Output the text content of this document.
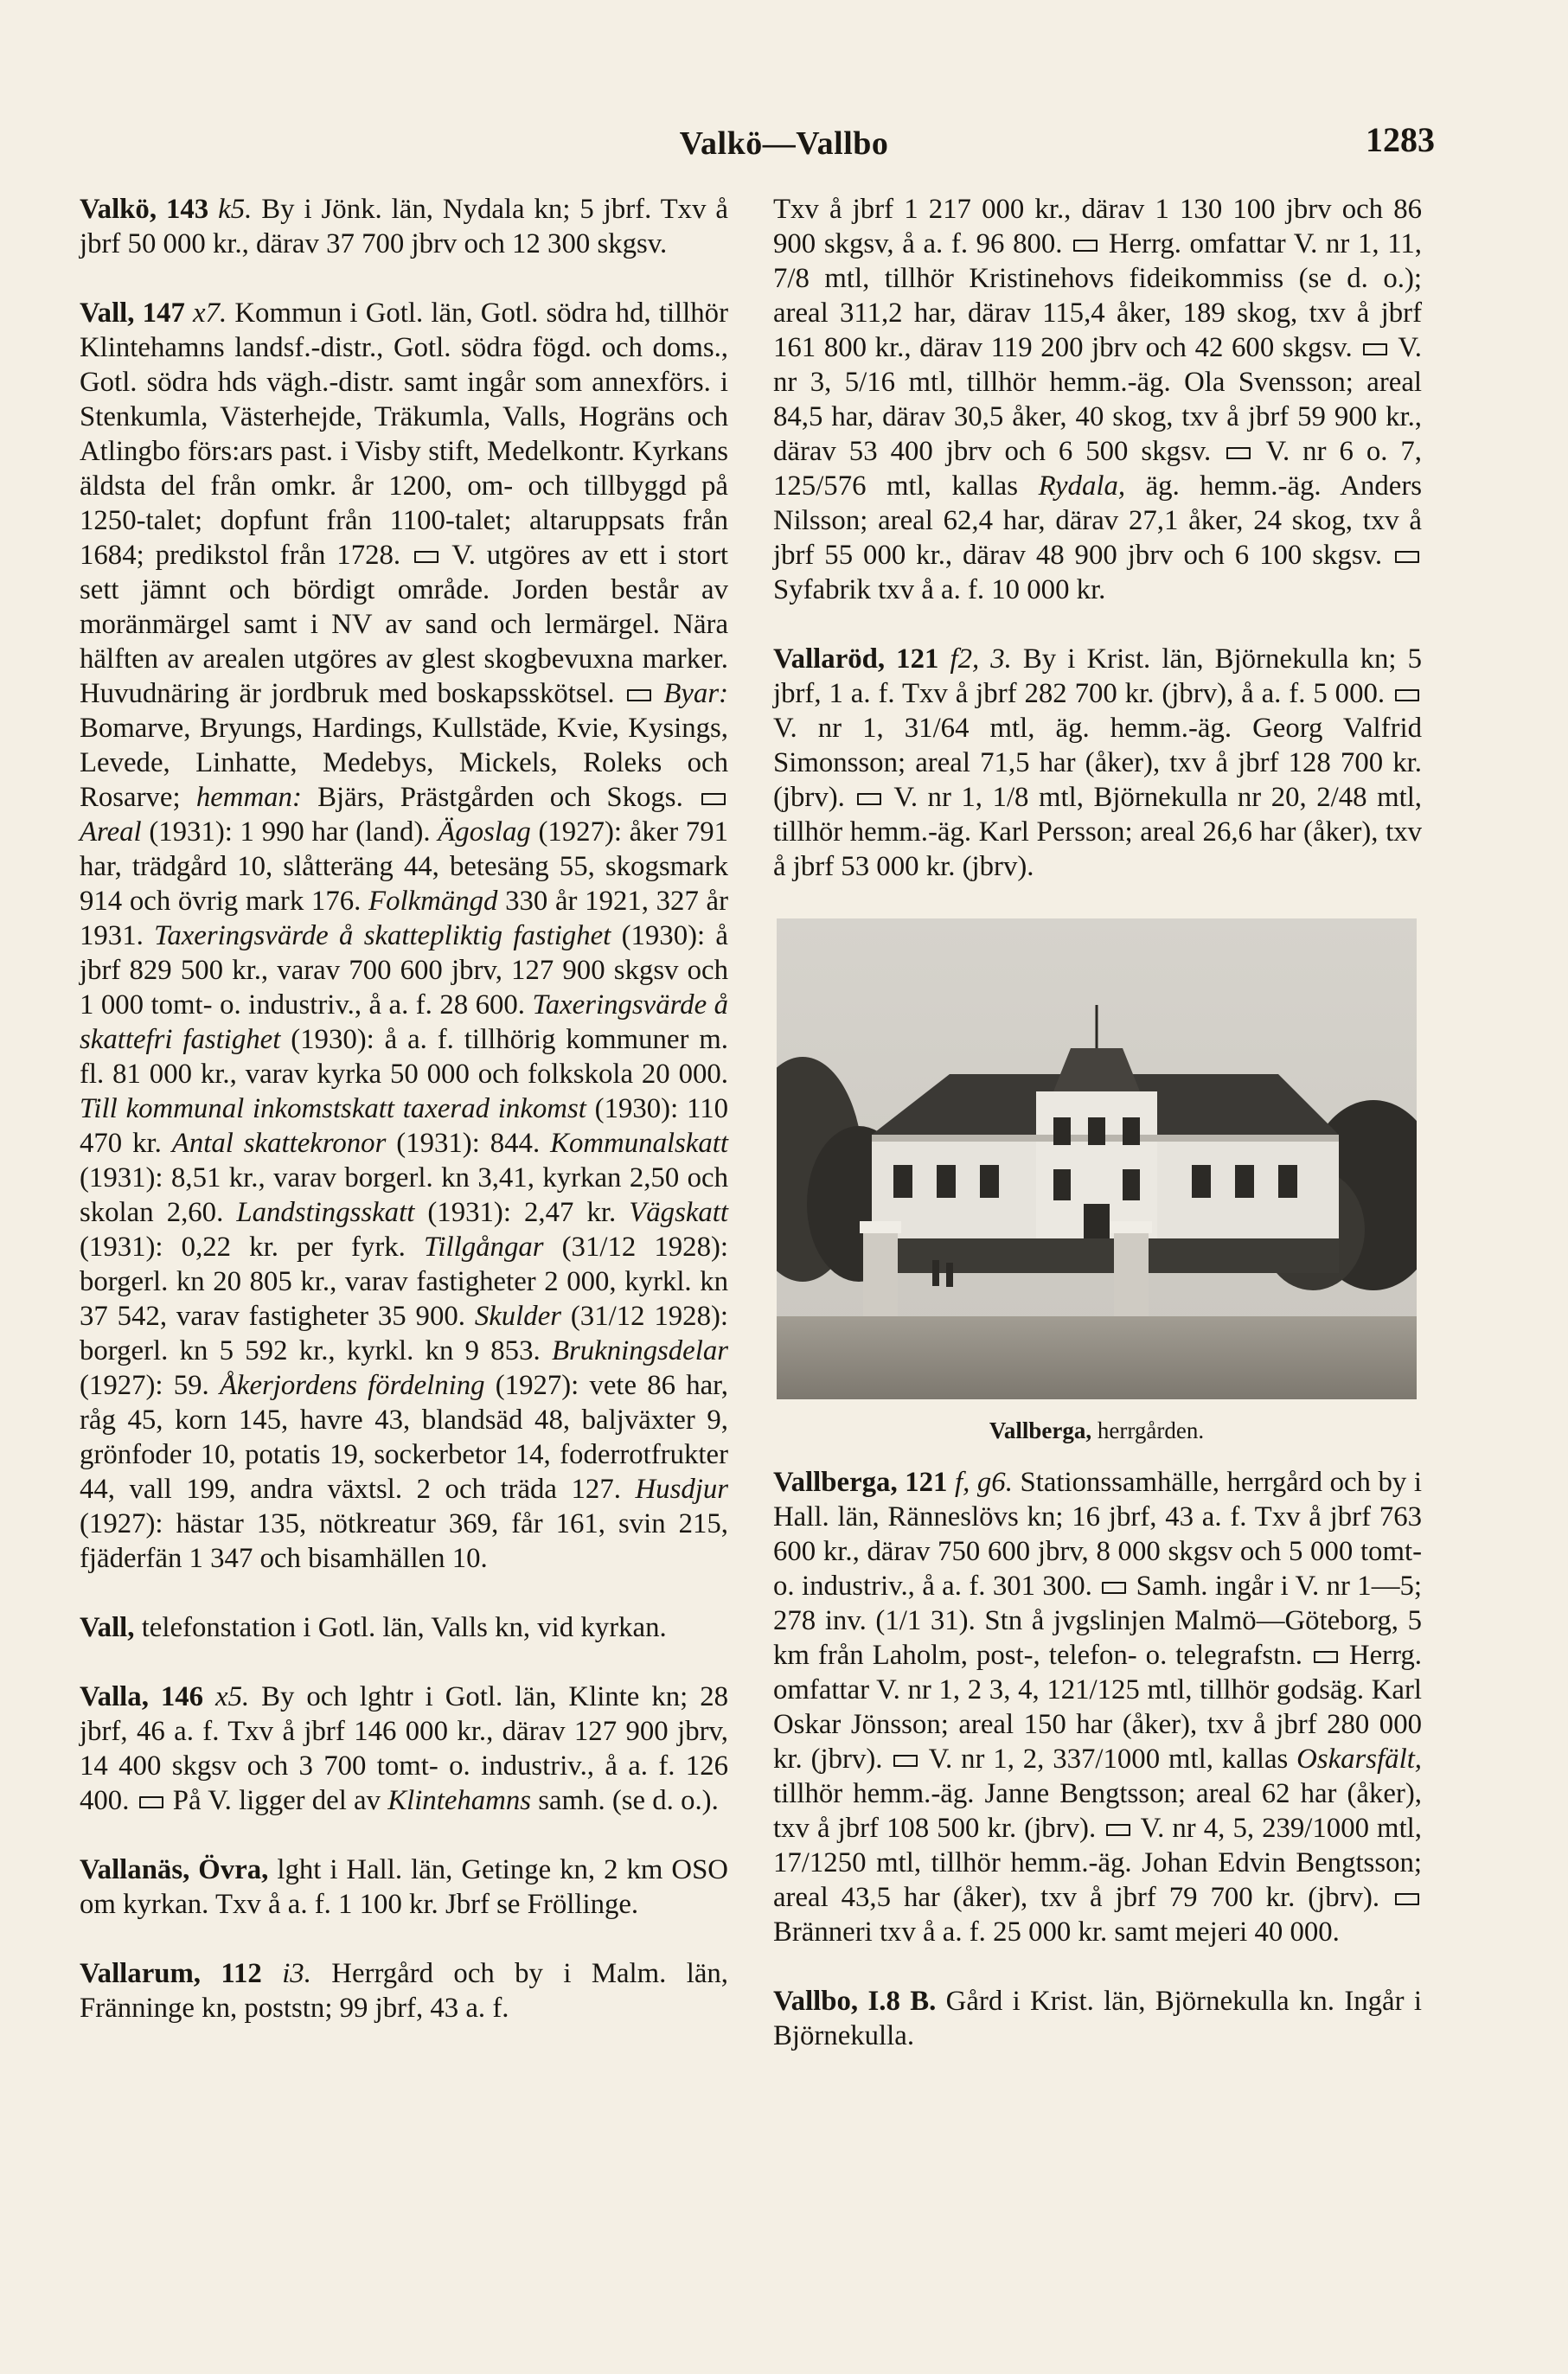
Valkö—Vallbo	1283

Valkö, 143 k5. By i Jönk. län, Nydala kn; 5 jbrf. Txv å jbrf 50 000 kr., därav 37 700 jbrv och 12 300 skgsv.

Vall, 147 x7. Kommun i Gotl. län, Gotl. södra hd, tillhör Klintehamns landsf.-distr., Gotl. södra fögd. och doms., Gotl. södra hds vägh.-distr. samt ingår som annexförs. i Stenkumla, Västerhejde, Träkumla, Valls, Hogräns och Atlingbo förs:ars past. i Visby stift, Medelkontr. Kyrkans äldsta del från omkr. år 1200, om- och tillbyggd på 1250-talet; dopfunt från 1100-talet; altaruppsats från 1684; predikstol från 1728.  V. utgöres av ett i stort sett jämnt och bördigt område. Jorden består av moränmärgel samt i NV av sand och lermärgel. Nära hälften av arealen utgöres av glest skogbevuxna marker. Huvudnäring är jordbruk med boskapsskötsel. Byar: Bomarve, Bryungs, Hardings, Kullstäde, Kvie, Kysings, Levede, Linhatte, Medebys, Mickels, Roleks och Rosarve; hemman: Bjärs, Prästgården och Skogs.  Areal (1931): 1 990 har (land). Ägoslag (1927): åker 791 har, trädgård 10, slåtteräng 44, betesäng 55, skogsmark 914 och övrig mark 176. Folkmängd 330 år 1921, 327 år 1931. Taxeringsvärde å skattepliktig fastighet (1930): å jbrf 829 500 kr., varav 700 600 jbrv, 127 900 skgsv och 1 000 tomt- o. industriv., å a. f. 28 600. Taxeringsvärde å skattefri fastighet (1930): å a. f. tillhörig kommuner m. fl. 81 000 kr., varav kyrka 50 000 och folkskola 20 000. Till kommunal inkomstskatt taxerad inkomst (1930): 110 470 kr. Antal skattekronor (1931): 844. Kommunalskatt (1931): 8,51 kr., varav borgerl. kn 3,41, kyrkan 2,50 och skolan 2,60. Landstingsskatt (1931): 2,47 kr. Vägskatt (1931): 0,22 kr. per fyrk. Tillgångar (31/12 1928): borgerl. kn 20 805 kr., varav fastigheter 2 000, kyrkl. kn 37 542, varav fastigheter 35 900. Skulder (31/12 1928): borgerl. kn 5 592 kr., kyrkl. kn 9 853. Brukningsdelar (1927): 59. Åkerjordens fördelning (1927): vete 86 har, råg 45, korn 145, havre 43, blandsäd 48, baljväxter 9, grönfoder 10, potatis 19, sockerbetor 14, foderrotfrukter 44, vall 199, andra växtsl. 2 och träda 127. Husdjur (1927): hästar 135, nötkreatur 369, får 161, svin 215, fjäderfän 1 347 och bisamhällen 10.

Vall, telefonstation i Gotl. län, Valls kn, vid kyrkan.

Valla, 146 x5. By och lghtr i Gotl. län, Klinte kn; 28 jbrf, 46 a. f. Txv å jbrf 146 000 kr., därav 127 900 jbrv, 14 400 skgsv och 3 700 tomt- o. industriv., å a. f. 126 400.  På V. ligger del av Klintehamns samh. (se d. o.).

Vallanäs, Övra, lght i Hall. län, Getinge kn, 2 km OSO om kyrkan. Txv å a. f. 1 100 kr. Jbrf se Fröllinge.

Vallarum, 112 i3. Herrgård och by i Malm. län, Fränninge kn, poststn; 99 jbrf, 43 a. f.

Txv å jbrf 1 217 000 kr., därav 1 130 100 jbrv och 86 900 skgsv, å a. f. 96 800.  Herrg. omfattar V. nr 1, 11, 7/8 mtl, tillhör Kristinehovs fideikommiss (se d. o.); areal 311,2 har, därav 115,4 åker, 189 skog, txv å jbrf 161 800 kr., därav 119 200 jbrv och 42 600 skgsv.  V. nr 3, 5/16 mtl, tillhör hemm.-äg. Ola Svensson; areal 84,5 har, därav 30,5 åker, 40 skog, txv å jbrf 59 900 kr., därav 53 400 jbrv och 6 500 skgsv.  V. nr 6 o. 7, 125/576 mtl, kallas Rydala, äg. hemm.-äg. Anders Nilsson; areal 62,4 har, därav 27,1 åker, 24 skog, txv å jbrf 55 000 kr., därav 48 900 jbrv och 6 100 skgsv.  Syfabrik txv å a. f. 10 000 kr.

Vallaröd, 121 f2, 3. By i Krist. län, Björnekulla kn; 5 jbrf, 1 a. f. Txv å jbrf 282 700 kr. (jbrv), å a. f. 5 000.  V. nr 1, 31/64 mtl, äg. hemm.-äg. Georg Valfrid Simonsson; areal 71,5 har (åker), txv å jbrf 128 700 kr. (jbrv).  V. nr 1, 1/8 mtl, Björnekulla nr 20, 2/48 mtl, tillhör hemm.-äg. Karl Persson; areal 26,6 har (åker), txv å jbrf 53 000 kr. (jbrv).

Vallberga, herrgården.

Vallberga, 121 f, g6. Stationssamhälle, herrgård och by i Hall. län, Ränneslövs kn; 16 jbrf, 43 a. f. Txv å jbrf 763 600 kr., därav 750 600 jbrv, 8 000 skgsv och 5 000 tomt- o. industriv., å a. f. 301 300.  Samh. ingår i V. nr 1—5; 278 inv. (1/1 31). Stn å jvgslinjen Malmö—Göteborg, 5 km från Laholm, post-, telefon- o. telegrafstn.  Herrg. omfattar V. nr 1, 2 3, 4, 121/125 mtl, tillhör godsäg. Karl Oskar Jönsson; areal 150 har (åker), txv å jbrf 280 000 kr. (jbrv).  V. nr 1, 2, 337/1000 mtl, kallas Oskarsfält, tillhör hemm.-äg. Janne Bengtsson; areal 62 har (åker), txv å jbrf 108 500 kr. (jbrv).  V. nr 4, 5, 239/1000 mtl, 17/1250 mtl, tillhör hemm.-äg. Johan Edvin Bengtsson; areal 43,5 har (åker), txv å jbrf 79 700 kr. (jbrv).  Bränneri txv å a. f. 25 000 kr. samt mejeri 40 000.

Vallbo, I.8 B. Gård i Krist. län, Björnekulla kn. Ingår i Björnekulla.
